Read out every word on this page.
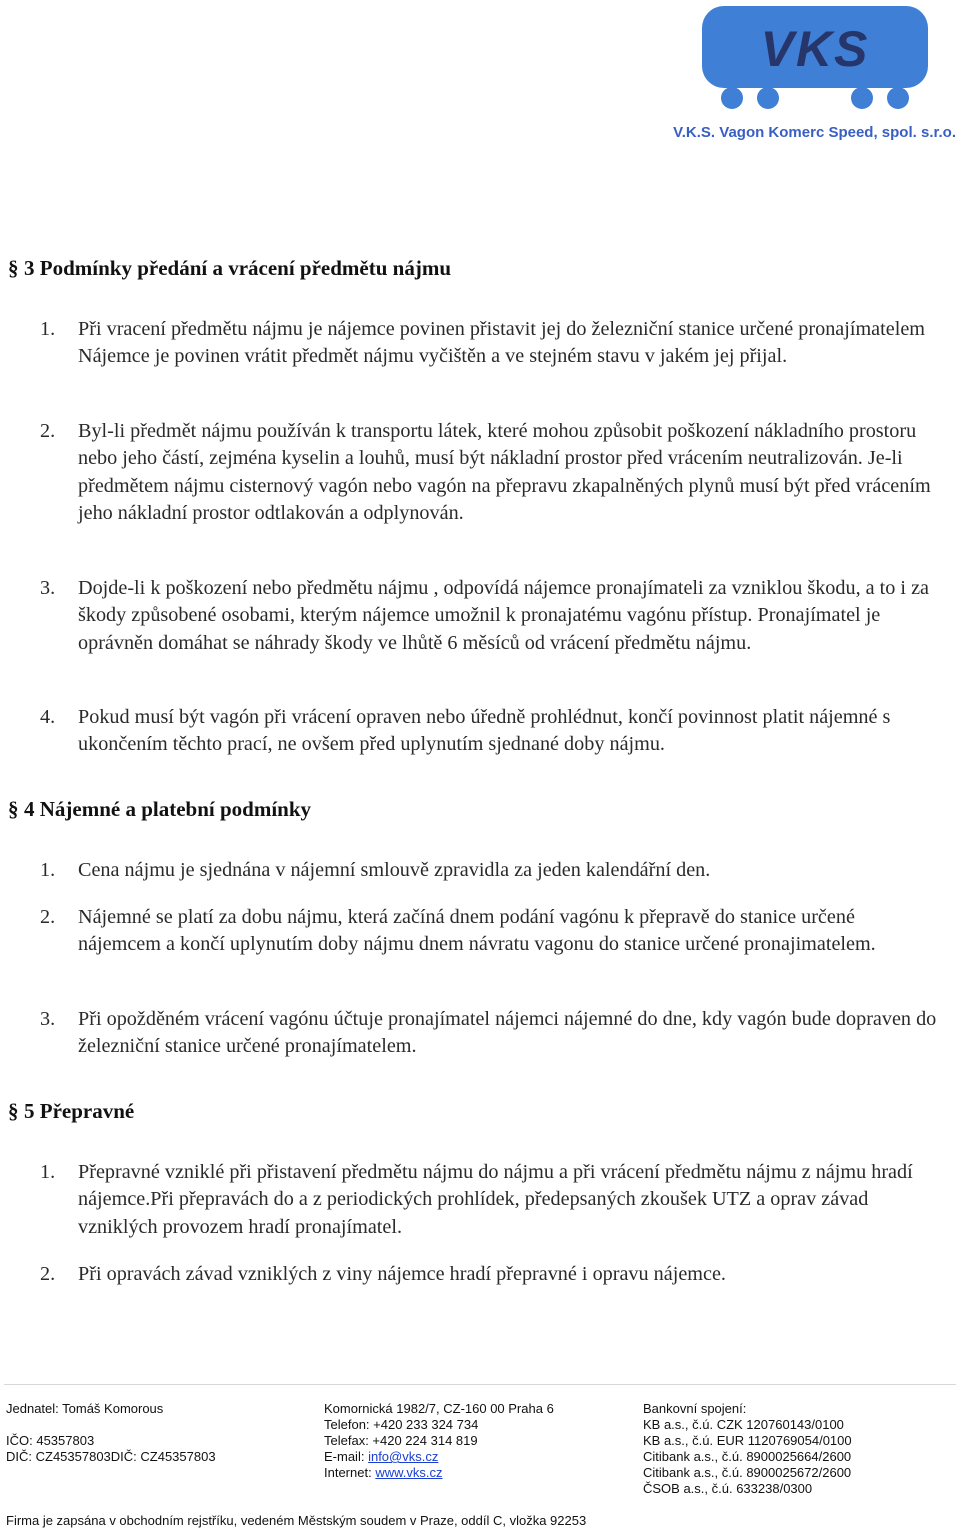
VKS
V.K.S. Vagon Komerc Speed, spol. s.r.o.
§ 3 Podmínky předání a vrácení předmětu nájmu
1. Při vracení předmětu nájmu je nájemce povinen přistavit jej do železniční stanice určené pronajímatelem Nájemce je povinen vrátit předmět nájmu vyčištěn a ve stejném stavu v jakém jej přijal.
2. Byl-li předmět nájmu používán k transportu látek, které mohou způsobit poškození nákladního prostoru nebo jeho částí, zejména kyselin a louhů, musí být nákladní prostor před vrácením neutralizován. Je-li předmětem nájmu cisternový vagón nebo vagón na přepravu zkapalněných plynů musí být před vrácením jeho nákladní prostor odtlakován a odplynován.
3. Dojde-li k poškození nebo předmětu nájmu , odpovídá nájemce pronajímateli za vzniklou škodu, a to i za škody způsobené osobami, kterým nájemce umožnil k pronajatému vagónu přístup. Pronajímatel je oprávněn domáhat se náhrady škody ve lhůtě 6 měsíců od vrácení předmětu nájmu.
4. Pokud musí být vagón při vrácení opraven nebo úředně prohlédnut, končí povinnost platit nájemné s ukončením těchto prací, ne ovšem před uplynutím sjednané doby nájmu.
§ 4 Nájemné a platební podmínky
1. Cena nájmu je sjednána v nájemní smlouvě zpravidla za jeden kalendářní den.
2. Nájemné se platí za dobu nájmu, která začíná dnem podání vagónu k přepravě do stanice určené nájemcem a končí uplynutím doby nájmu dnem návratu vagonu do stanice určené pronajimatelem.
3. Při opožděném vrácení vagónu účtuje pronajímatel nájemci nájemné do dne, kdy vagón bude dopraven do železniční stanice určené pronajímatelem.
§ 5 Přepravné
1. Přepravné vzniklé při přistavení předmětu nájmu do nájmu a při vrácení předmětu nájmu z nájmu hradí nájemce.Při přepravách do a z periodických prohlídek, předepsaných zkoušek UTZ a oprav závad vzniklých provozem hradí pronajímatel.
2. Při opravách závad vzniklých z viny nájemce hradí přepravné i opravu nájemce.
Jednatel: Tomáš Komorous
IČO: 45357803
DIČ: CZ45357803DIČ: CZ45357803
Komornická 1982/7, CZ-160 00 Praha 6
Telefon: +420 233 324 734
Telefax: +420 224 314 819
E-mail: info@vks.cz
Internet: www.vks.cz
Bankovní spojení:
KB a.s., č.ú. CZK 120760143/0100
KB a.s., č.ú. EUR 1120769054/0100
Citibank a.s., č.ú. 8900025664/2600
Citibank a.s., č.ú. 8900025672/2600
ČSOB a.s., č.ú. 633238/0300
Firma je zapsána v obchodním rejstříku, vedeném Městským soudem v Praze, oddíl C, vložka 92253
